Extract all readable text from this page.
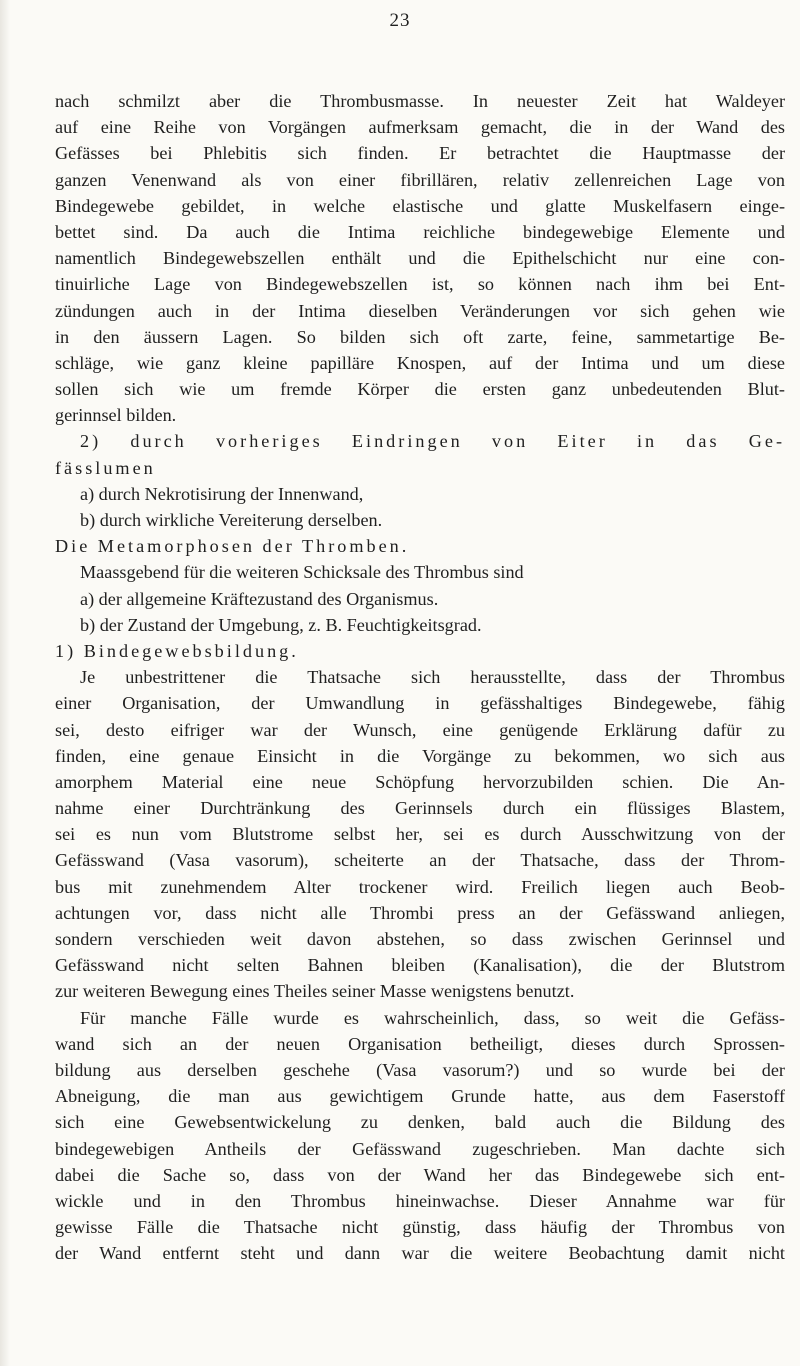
23
nach schmilzt aber die Thrombusmasse. In neuester Zeit hat Waldeyer
auf eine Reihe von Vorgängen aufmerksam gemacht, die in der Wand des
Gefässes bei Phlebitis sich finden. Er betrachtet die Hauptmasse der
ganzen Venenwand als von einer fibrillären, relativ zellenreichen Lage von
Bindegewebe gebildet, in welche elastische und glatte Muskelfasern einge-
bettet sind. Da auch die Intima reichliche bindegewebige Elemente und
namentlich Bindegewebszellen enthält und die Epithelschicht nur eine con-
tinuirliche Lage von Bindegewebszellen ist, so können nach ihm bei Ent-
zündungen auch in der Intima dieselben Veränderungen vor sich gehen wie
in den äussern Lagen. So bilden sich oft zarte, feine, sammetartige Be-
schläge, wie ganz kleine papilläre Knospen, auf der Intima und um diese
sollen sich wie um fremde Körper die ersten ganz unbedeutenden Blut-
gerinnsel bilden.
2) durch vorheriges Eindringen von Eiter in das Ge-
fässlumen
a) durch Nekrotisirung der Innenwand,
b) durch wirkliche Vereiterung derselben.
Die Metamorphosen der Thromben.
Maassgebend für die weiteren Schicksale des Thrombus sind
a) der allgemeine Kräftezustand des Organismus.
b) der Zustand der Umgebung, z. B. Feuchtigkeitsgrad.
1) Bindegewebsbildung.
Je unbestrittener die Thatsache sich herausstellte, dass der Thrombus
einer Organisation, der Umwandlung in gefässhaltiges Bindegewebe, fähig
sei, desto eifriger war der Wunsch, eine genügende Erklärung dafür zu
finden, eine genaue Einsicht in die Vorgänge zu bekommen, wo sich aus
amorphem Material eine neue Schöpfung hervorzubilden schien. Die An-
nahme einer Durchtränkung des Gerinnsels durch ein flüssiges Blastem,
sei es nun vom Blutstrome selbst her, sei es durch Ausschwitzung von der
Gefässwand (Vasa vasorum), scheiterte an der Thatsache, dass der Throm-
bus mit zunehmendem Alter trockener wird. Freilich liegen auch Beob-
achtungen vor, dass nicht alle Thrombi press an der Gefässwand anliegen,
sondern verschieden weit davon abstehen, so dass zwischen Gerinnsel und
Gefässwand nicht selten Bahnen bleiben (Kanalisation), die der Blutstrom
zur weiteren Bewegung eines Theiles seiner Masse wenigstens benutzt.
Für manche Fälle wurde es wahrscheinlich, dass, so weit die Gefäss-
wand sich an der neuen Organisation betheiligt, dieses durch Sprossen-
bildung aus derselben geschehe (Vasa vasorum?) und so wurde bei der
Abneigung, die man aus gewichtigem Grunde hatte, aus dem Faserstoff
sich eine Gewebsentwickelung zu denken, bald auch die Bildung des
bindegewebigen Antheils der Gefässwand zugeschrieben. Man dachte sich
dabei die Sache so, dass von der Wand her das Bindegewebe sich ent-
wickle und in den Thrombus hineinwachse. Dieser Annahme war für
gewisse Fälle die Thatsache nicht günstig, dass häufig der Thrombus von
der Wand entfernt steht und dann war die weitere Beobachtung damit nicht
